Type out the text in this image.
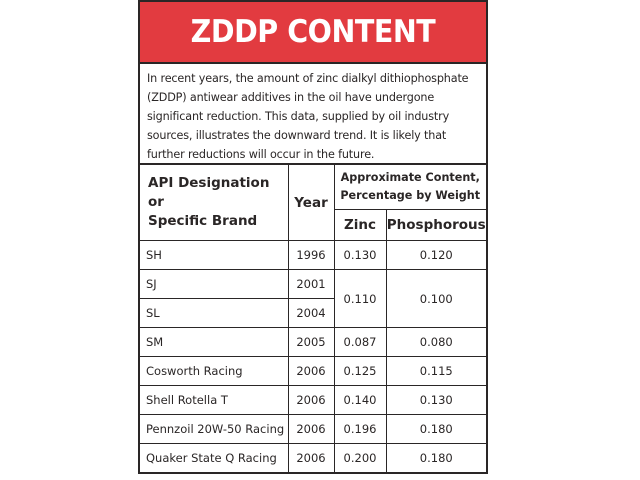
ZDDP CONTENT
In recent years, the amount of zinc dialkyl dithiophosphate
(ZDDP) antiwear additives in the oil have undergone
significant reduction. This data, supplied by oil industry
sources, illustrates the downward trend. It is likely that
further reductions will occur in the future.
API Designation or
Specific Brand	Year	Approximate Content,
Percentage by Weight	
		Zinc	Phosphorous
SH	1996	0.130	0.120
SJ	2001	0.110	0.100
SL	2004		
SM	2005	0.087	0.080
Cosworth Racing	2006	0.125	0.115
Shell Rotella T	2006	0.140	0.130
Pennzoil 20W-50 Racing	2006	0.196	0.180
Quaker State Q Racing	2006	0.200	0.180
